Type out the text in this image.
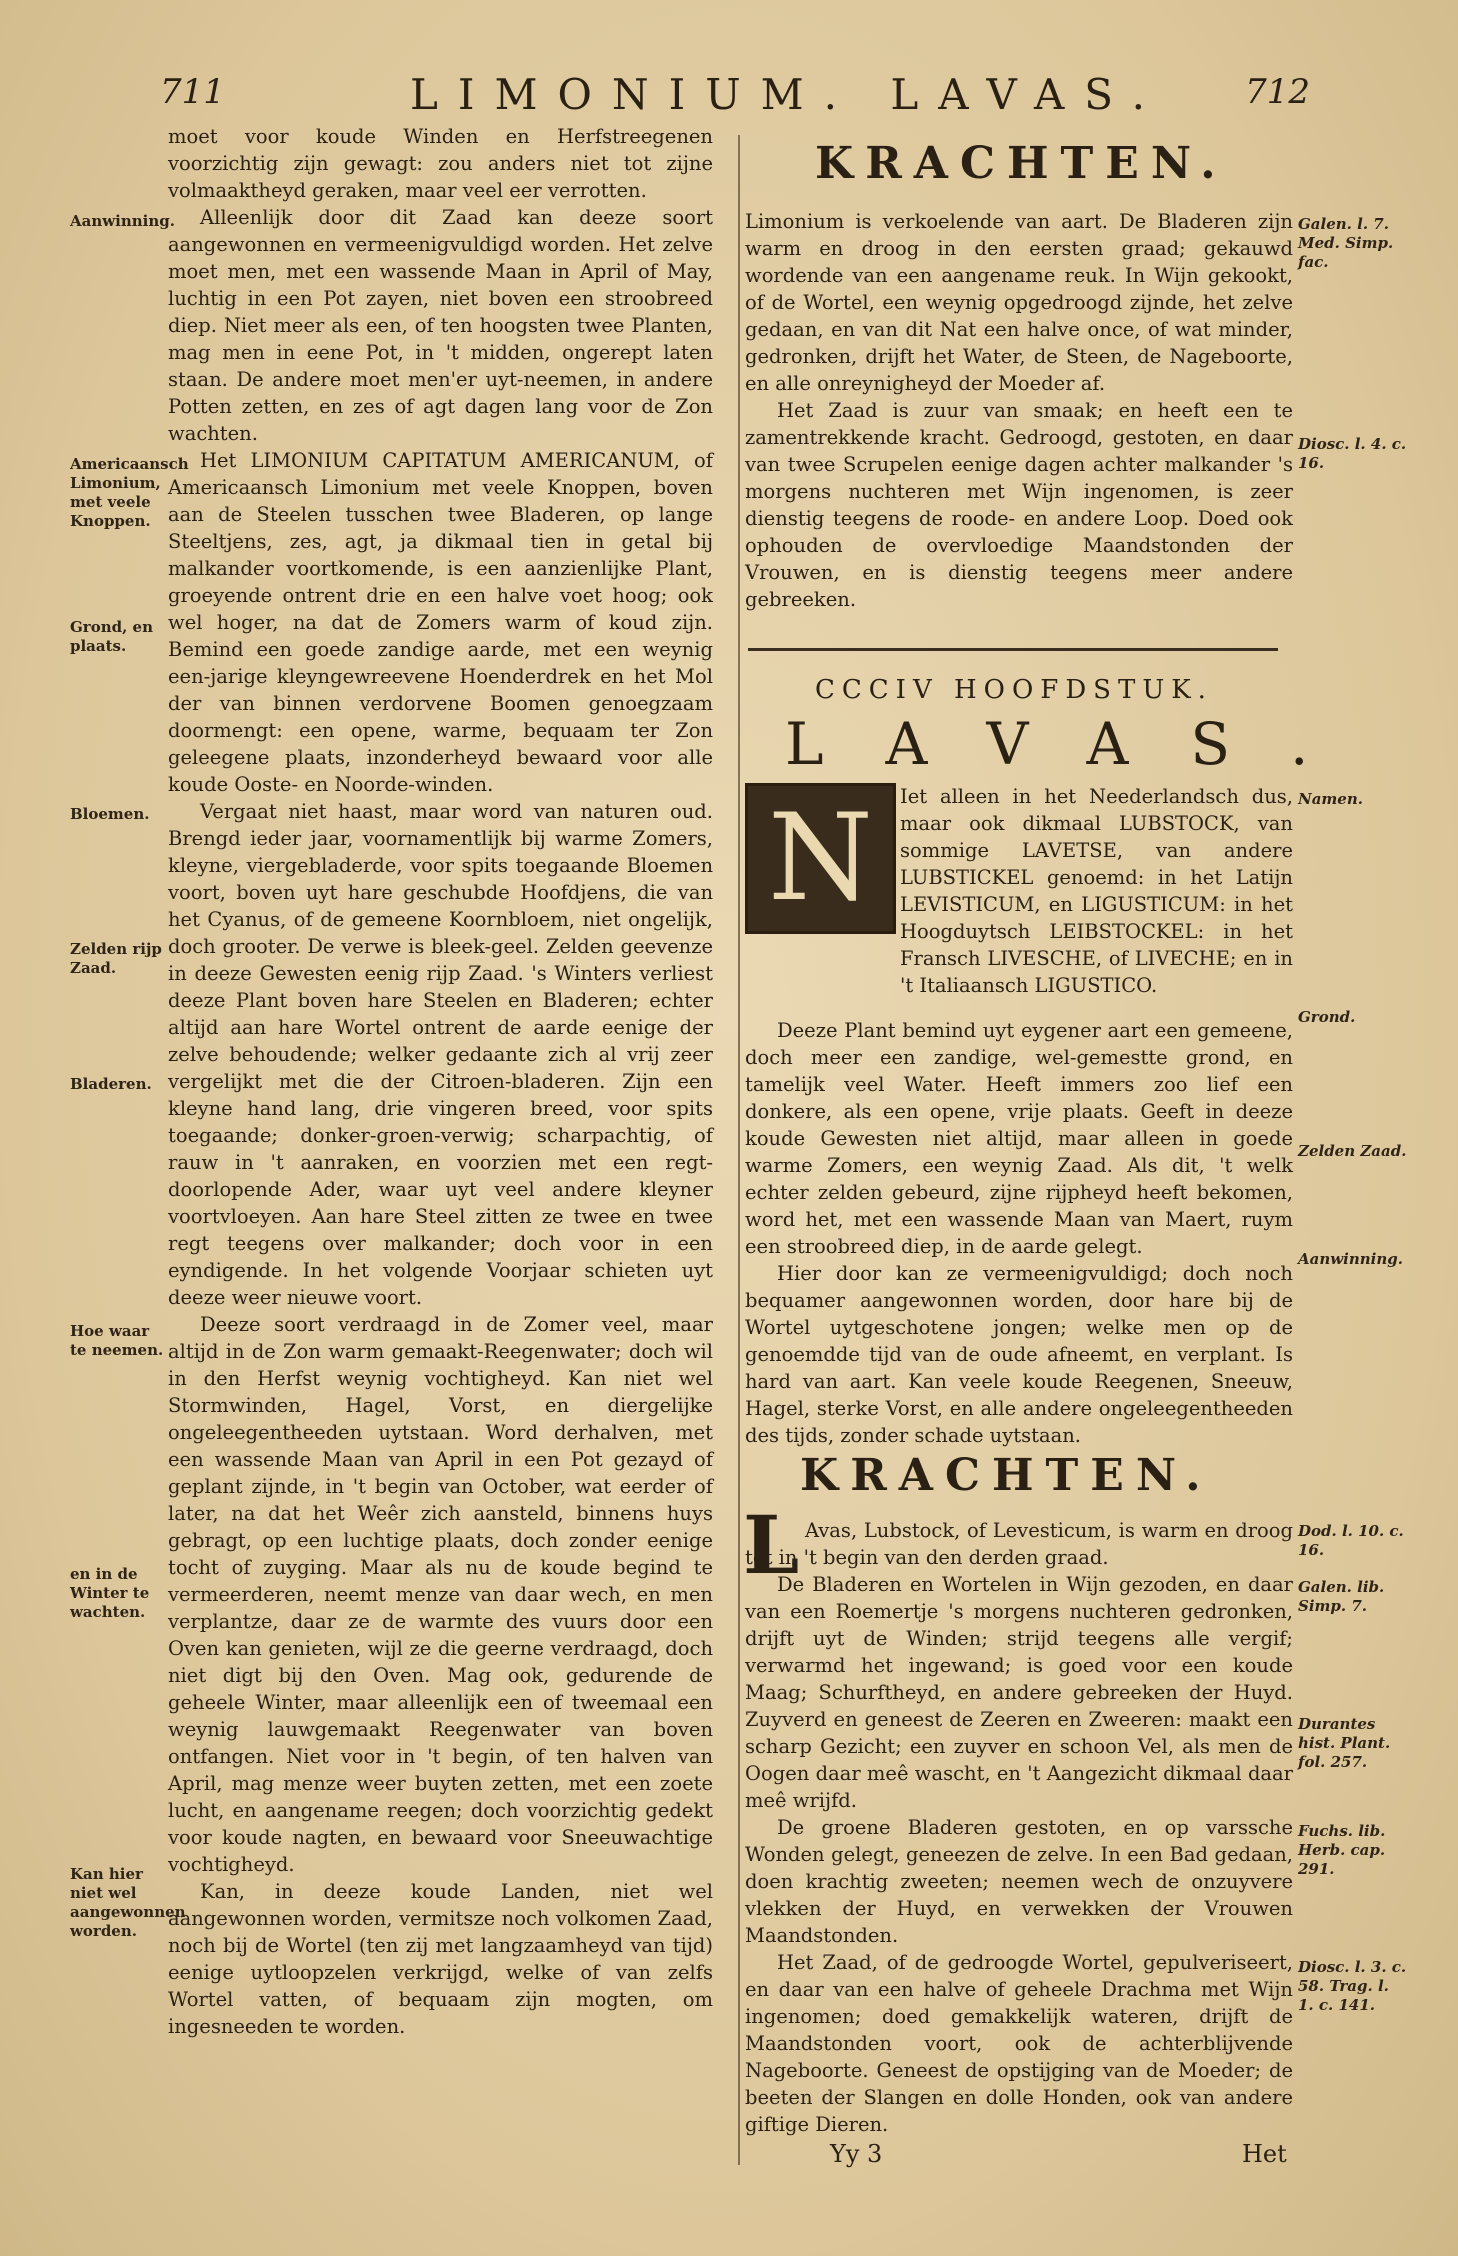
711	LIMONIUM. LAVAS. 712

moet voor koude Winden en Herfstreegenen voorzichtig zijn gewagt: zou anders niet tot zijne volmaaktheyd geraken, maar veel eer verrotten.

Alleenlijk door dit Zaad kan deeze soort aangewonnen en vermeenigvuldigd worden. Het zelve moet men, met een wassende Maan in April of May, luchtig in een Pot zayen, niet boven een stroobreed diep. Niet meer als een, of ten hoogsten twee Planten, mag men in eene Pot, in 't midden, ongerept laten staan. De andere moet men'er uyt-neemen, in andere Potten zetten, en zes of agt dagen lang voor de Zon wachten.

Het LIMONIUM CAPITATUM AMERICANUM, of Americaansch Limonium met veele Knoppen, boven aan de Steelen tusschen twee Bladeren, op lange Steeltjens, zes, agt, ja dikmaal tien in getal bij malkander voortkomende, is een aanzienlijke Plant, groeyende ontrent drie en een halve voet hoog; ook wel hoger, na dat de Zomers warm of koud zijn. Bemind een goede zandige aarde, met een weynig een-jarige kleyngewreevene Hoenderdrek en het Mol der van binnen verdorvene Boomen genoegzaam doormengt: een opene, warme, bequaam ter Zon geleegene plaats, inzonderheyd bewaard voor alle koude Ooste- en Noorde-winden.

Vergaat niet haast, maar word van naturen oud. Brengd ieder jaar, voornamentlijk bij warme Zomers, kleyne, viergebladerde, voor spits toegaande Bloemen voort, boven uyt hare geschubde Hoofdjens, die van het Cyanus, of de gemeene Koornbloem, niet ongelijk, doch grooter. De verwe is bleek-geel. Zelden geevenze in deeze Gewesten eenig rijp Zaad. 's Winters verliest deeze Plant boven hare Steelen en Bladeren; echter altijd aan hare Wortel ontrent de aarde eenige der zelve behoudende; welker gedaante zich al vrij zeer vergelijkt met die der Citroen-bladeren. Zijn een kleyne hand lang, drie vingeren breed, voor spits toegaande; donker-groen-verwig; scharpachtig, of rauw in 't aanraken, en voorzien met een regt-doorlopende Ader, waar uyt veel andere kleyner voortvloeyen. Aan hare Steel zitten ze twee en twee regt teegens over malkander; doch voor in een eyndigende. In het volgende Voorjaar schieten uyt deeze weer nieuwe voort.

Deeze soort verdraagd in de Zomer veel, maar altijd in de Zon warm gemaakt-Reegenwater; doch wil in den Herfst weynig vochtigheyd. Kan niet wel Stormwinden, Hagel, Vorst, en diergelijke ongeleegentheeden uytstaan. Word derhalven, met een wassende Maan van April in een Pot gezayd of geplant zijnde, in 't begin van October, wat eerder of later, na dat het Weêr zich aansteld, binnens huys gebragt, op een luchtige plaats, doch zonder eenige tocht of zuyging. Maar als nu de koude begind te vermeerderen, neemt menze van daar wech, en men verplantze, daar ze de warmte des vuurs door een Oven kan genieten, wijl ze die geerne verdraagd, doch niet digt bij den Oven. Mag ook, gedurende de geheele Winter, maar alleenlijk een of tweemaal een weynig lauwgemaakt Reegenwater van boven ontfangen. Niet voor in 't begin, of ten halven van April, mag menze weer buyten zetten, met een zoete lucht, en aangename reegen; doch voorzichtig gedekt voor koude nagten, en bewaard voor Sneeuwachtige vochtigheyd.

Kan, in deeze koude Landen, niet wel aangewonnen worden, vermitsze noch volkomen Zaad, noch bij de Wortel (ten zij met langzaamheyd van tijd) eenige uytloopzelen verkrijgd, welke of van zelfs Wortel vatten, of bequaam zijn mogten, om ingesneeden te worden.

Aanwinning.
Americaansch Limonium, met veele Knoppen.
Grond, en plaats.
Bloemen.
Zelden rijp Zaad.
Bladeren.
Hoe waar te neemen.
en in de Winter te wachten.
Kan hier niet wel aangewonnen worden.
KRACHTEN.

Limonium is verkoelende van aart. De Bladeren zijn warm en droog in den eersten graad; gekauwd wordende van een aangename reuk. In Wijn gekookt, of de Wortel, een weynig opgedroogd zijnde, het zelve gedaan, en van dit Nat een halve once, of wat minder, gedronken, drijft het Water, de Steen, de Nageboorte, en alle onreynigheyd der Moeder af.

Het Zaad is zuur van smaak; en heeft een te zamentrekkende kracht. Gedroogd, gestoten, en daar van twee Scrupelen eenige dagen achter malkander 's morgens nuchteren met Wijn ingenomen, is zeer dienstig teegens de roode- en andere Loop. Doed ook ophouden de overvloedige Maandstonden der Vrouwen, en is dienstig teegens meer andere gebreeken.

Galen. l. 7. Med. Simp. fac.
Diosc. l. 4. c. 16.
CCCIV HOOFDSTUK.
LAVAS.
N	Iet alleen in het Neederlandsch dus, maar ook dikmaal LUBSTOCK, van sommige LAVETSE, van andere LUBSTICKEL genoemd: in het Latijn LEVISTICUM, en LIGUSTICUM: in het Hoogduytsch LEIBSTOCKEL: in het Fransch LIVESCHE, of LIVECHE; en in 't Italiaansch LIGUSTICO.

Deeze Plant bemind uyt eygener aart een gemeene, doch meer een zandige, wel-gemestte grond, en tamelijk veel Water. Heeft immers zoo lief een donkere, als een opene, vrije plaats. Geeft in deeze koude Gewesten niet altijd, maar alleen in goede warme Zomers, een weynig Zaad. Als dit, 't welk echter zelden gebeurd, zijne rijpheyd heeft bekomen, word het, met een wassende Maan van Maert, ruym een stroobreed diep, in de aarde gelegt.

Hier door kan ze vermeenigvuldigd; doch noch bequamer aangewonnen worden, door hare bij de Wortel uytgeschotene jongen; welke men op de genoemdde tijd van de oude afneemt, en verplant. Is hard van aart. Kan veele koude Reegenen, Sneeuw, Hagel, sterke Vorst, en alle andere ongeleegentheeden des tijds, zonder schade uytstaan.

Namen.
Grond.
Zelden Zaad.
Aanwinning.
KRACHTEN.

Avas, Lubstock, of Levesticum, is warm en droog tot in 't begin van den derden graad.

De Bladeren en Wortelen in Wijn gezoden, en daar van een Roemertje 's morgens nuchteren gedronken, drijft uyt de Winden; strijd teegens alle vergif; verwarmd het ingewand; is goed voor een koude Maag; Schurftheyd, en andere gebreeken der Huyd. Zuyverd en geneest de Zeeren en Zweeren: maakt een scharp Gezicht; een zuyver en schoon Vel, als men de Oogen daar meê wascht, en 't Aangezicht dikmaal daar meê wrijfd.

De groene Bladeren gestoten, en op varssche Wonden gelegt, geneezen de zelve. In een Bad gedaan, doen krachtig zweeten; neemen wech de onzuyvere vlekken der Huyd, en verwekken der Vrouwen Maandstonden.

Het Zaad, of de gedroogde Wortel, gepulveriseert, en daar van een halve of geheele Drachma met Wijn ingenomen; doed gemakkelijk wateren, drijft de Maandstonden voort, ook de achterblijvende Nageboorte. Geneest de opstijging van de Moeder; de beeten der Slangen en dolle Honden, ook van andere giftige Dieren.

L	Dod. l. 10. c. 16.
Galen. lib. Simp. 7.
Durantes hist. Plant. fol. 257.
Fuchs. lib. Herb. cap. 291.
Diosc. l. 3. c. 58. Trag. l. 1. c. 141.
Yy 3	Het
